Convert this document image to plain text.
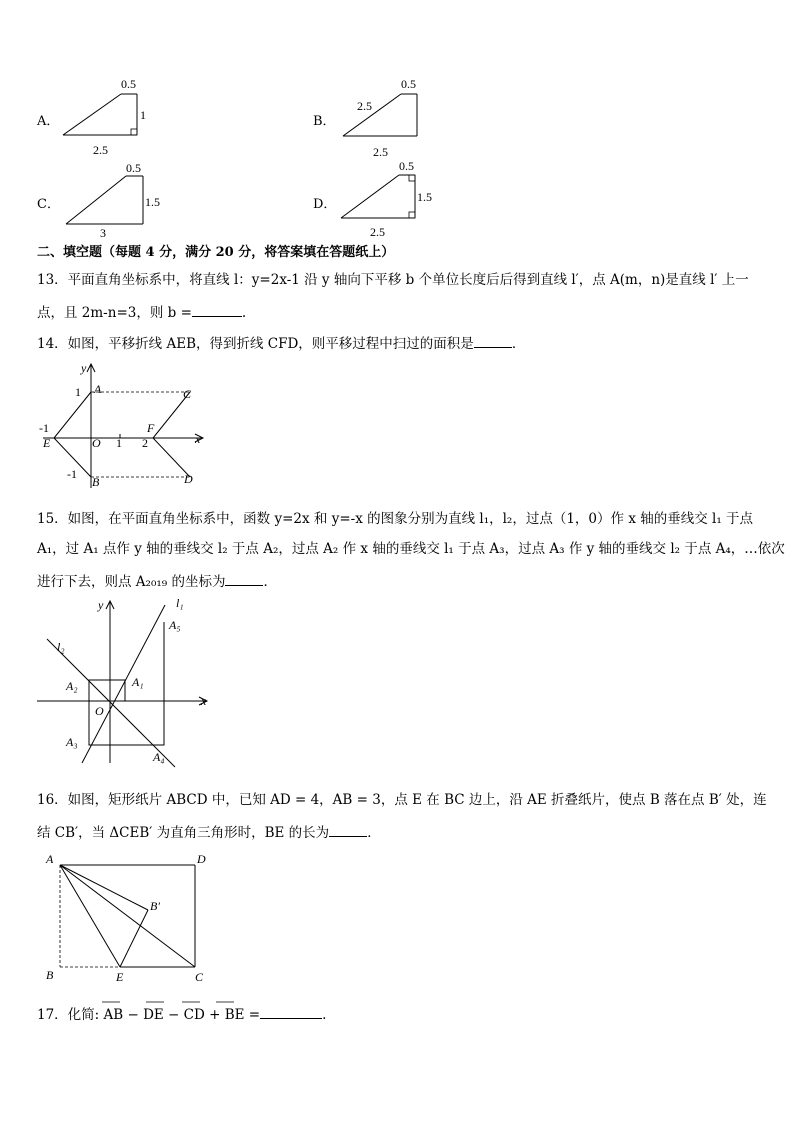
A．
0.5
1
2.5
B．
0.5
2.5
2.5
C．
0.5
1.5
3
D．
0.5
1.5
2.5
二、填空题（每题 4 分，满分 20 分，将答案填在答题纸上）
13．平面直角坐标系中，将直线 l：y=2x-1 沿 y 轴向下平移 b 个单位长度后后得到直线 l′，点 A(m，n)是直线 l′ 上一
点，且 2m-n=3，则 b =	.
14．如图，平移折线 AEB，得到折线 CFD，则平移过程中扫过的面积是	．
y
x
A	C
E
F
B	D
O
1
-1
1 2
-1
15．如图，在平面直角坐标系中，函数 y=2x 和 y=-x 的图象分别为直线 l₁，l₂，过点（1，0）作 x 轴的垂线交 l₁ 于点
A₁，过 A₁ 点作 y 轴的垂线交 l₂ 于点 A₂，过点 A₂ 作 x 轴的垂线交 l₁ 于点 A₃，过点 A₃ 作 y 轴的垂线交 l₂ 于点 A₄，…依次
进行下去，则点 A₂₀₁₉ 的坐标为	．
y
x
O
l₁
l₂
A₁
A₂
A₃
A₄
A₅
16．如图，矩形纸片 ABCD 中，已知 AD = 4，AB = 3，点 E 在 BC 边上，沿 AE 折叠纸片，使点 B 落在点 B′ 处，连
结 CB′，当 ΔCEB′ 为直角三角形时，BE 的长为	．
A	D
B	C
E
B′
17．化简: AB − DE − CD + BE =	.
